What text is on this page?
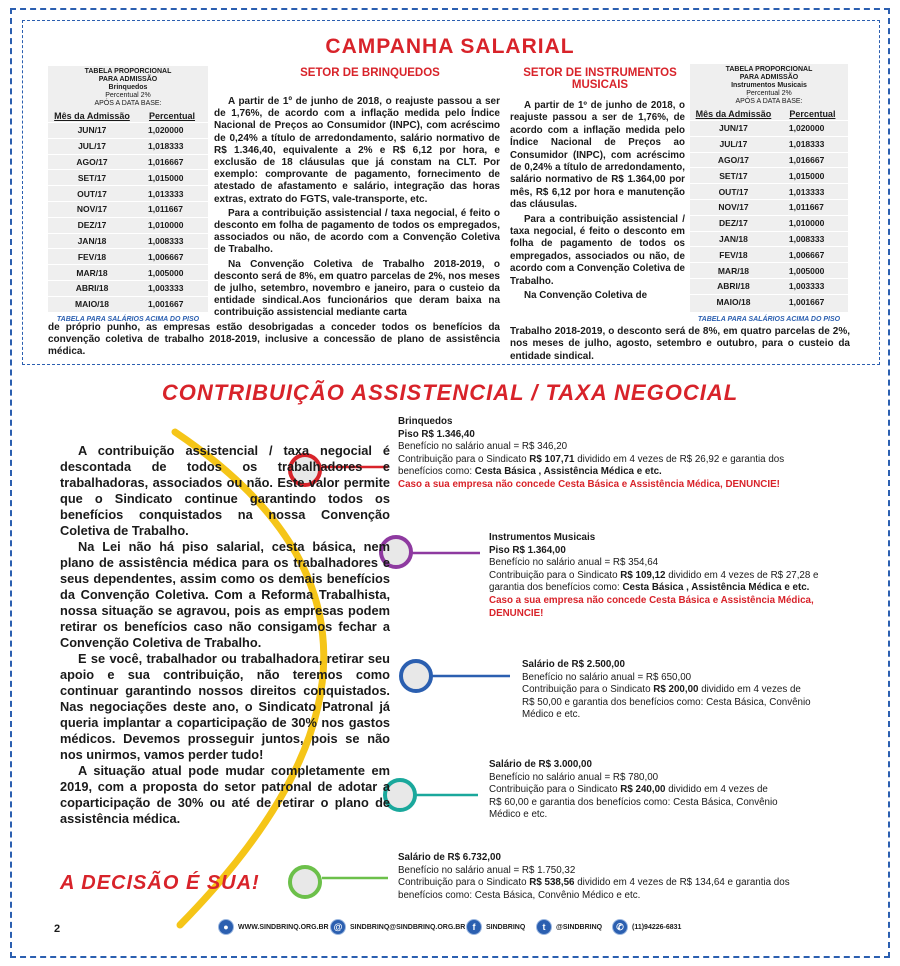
CAMPANHA SALARIAL
TABELA PROPORCIONAL
PARA ADMISSÃO
Brinquedos
Percentual 2%
APÓS A DATA BASE:
Mês da Admissão	Percentual
JUN/17	1,020000
JUL/17	1,018333
AGO/17	1,016667
SET/17	1,015000
OUT/17	1,013333
NOV/17	1,011667
DEZ/17	1,010000
JAN/18	1,008333
FEV/18	1,006667
MAR/18	1,005000
ABRI/18	1,003333
MAIO/18	1,001667
TABELA PARA SALÁRIOS ACIMA DO PISO
TABELA PROPORCIONAL
PARA ADMISSÃO
Instrumentos Musicais
Percentual 2%
APÓS A DATA BASE:
Mês da Admissão	Percentual
JUN/17	1,020000
JUL/17	1,018333
AGO/17	1,016667
SET/17	1,015000
OUT/17	1,013333
NOV/17	1,011667
DEZ/17	1,010000
JAN/18	1,008333
FEV/18	1,006667
MAR/18	1,005000
ABRI/18	1,003333
MAIO/18	1,001667
TABELA PARA SALÁRIOS ACIMA DO PISO
SETOR DE BRINQUEDOS

A partir de 1º de junho de 2018, o reajuste passou a ser de 1,76%, de acordo com a inflação medida pelo Índice Nacional de Preços ao Consumidor (INPC), com acréscimo de 0,24% a título de arredondamento, salário normativo de R$ 1.346,40, equivalente a 2% e R$ 6,12 por hora, e exclusão de 18 cláusulas que já constam na CLT. Por exemplo: comprovante de pagamento, fornecimento de atestado de afastamento e salário, integração das horas extras, extrato do FGTS, vale-transporte, etc.

Para a contribuição assistencial / taxa negocial, é feito o desconto em folha de pagamento de todos os empregados, associados ou não, de acordo com a Convenção Coletiva de Trabalho.

Na Convenção Coletiva de Trabalho 2018-2019, o desconto será de 8%, em quatro parcelas de 2%, nos meses de julho, setembro, novembro e janeiro, para o custeio da entidade sindical.Aos funcionários que deram baixa na contribuição assistencial mediante carta

de próprio punho, as empresas estão desobrigadas a conceder todos os benefícios da convenção coletiva de trabalho 2018-2019, inclusive a concessão de plano de assistência médica.
SETOR DE INSTRUMENTOS MUSICAIS

A partir de 1º de junho de 2018, o reajuste passou a ser de 1,76%, de acordo com a inflação medida pelo Índice Nacional de Preços ao Consumidor (INPC), com acréscimo de 0,24% a título de arredondamento, salário normativo de R$ 1.364,00 por mês, R$ 6,12 por hora e manutenção das cláusulas.

Para a contribuição assistencial / taxa negocial, é feito o desconto em folha de pagamento de todos os empregados, associados ou não, de acordo com a Convenção Coletiva de Trabalho.

Na Convenção Coletiva de

Trabalho 2018-2019, o desconto será de 8%, em quatro parcelas de 2%, nos meses de julho, agosto, setembro e outubro, para o custeio da entidade sindical.
CONTRIBUIÇÃO ASSISTENCIAL / TAXA NEGOCIAL

A contribuição assistencial / taxa negocial é descontada de todos os trabalhadores e trabalhadoras, associados ou não. Este valor permite que o Sindicato continue garantindo todos os benefícios conquistados na nossa Convenção Coletiva de Trabalho.

Na Lei não há piso salarial, cesta básica, nem plano de assistência médica para os trabalhadores e seus dependentes, assim como os demais benefícios da Convenção Coletiva. Com a Reforma Trabalhista, nossa situação se agravou, pois as empresas podem retirar os benefícios caso não consigamos fechar a Convenção Coletiva de Trabalho.

E se você, trabalhador ou trabalhadora, retirar seu apoio e sua contribuição, não teremos como continuar garantindo nossos direitos conquistados. Nas negociações deste ano, o Sindicato Patronal já queria implantar a coparticipação de 30% nos gastos médicos. Devemos prosseguir juntos, pois se não nos unirmos, vamos perder tudo!

A situação atual pode mudar completamente em 2019, com a proposta do setor patronal de adotar a coparticipação de 30% ou até de retirar o plano de assistência médica.

A DECISÃO É SUA!
Brinquedos
Piso R$ 1.346,40
Benefício no salário anual = R$ 346,20
Contribuição para o Sindicato R$ 107,71 dividido em 4 vezes de R$ 26,92 e garantia dos
benefícios como: Cesta Básica , Assistência Médica e etc.
Caso a sua empresa não concede Cesta Básica e Assistência Médica, DENUNCIE!
Instrumentos Musicais
Piso R$ 1.364,00
Benefício no salário anual = R$ 354,64
Contribuição para o Sindicato R$ 109,12 dividido em 4 vezes de R$ 27,28 e
garantia dos benefícios como: Cesta Básica , Assistência Médica e etc.
Caso a sua empresa não concede Cesta Básica e Assistência Médica,
DENUNCIE!
Salário de R$ 2.500,00
Benefício no salário anual = R$ 650,00
Contribuição para o Sindicato R$ 200,00 dividido em 4 vezes de
R$ 50,00 e garantia dos benefícios como: Cesta Básica, Convênio
Médico e etc.
Salário de R$ 3.000,00
Benefício no salário anual = R$ 780,00
Contribuição para o Sindicato R$ 240,00 dividido em 4 vezes de
R$ 60,00 e garantia dos benefícios como: Cesta Básica, Convênio
Médico e etc.
Salário de R$ 6.732,00
Benefício no salário anual = R$ 1.750,32
Contribuição para o Sindicato R$ 538,56 dividido em 4 vezes de R$ 134,64 e garantia dos
benefícios como: Cesta Básica, Convênio Médico e etc.
2	●	WWW.SINDBRINQ.ORG.BR @	SINDBRINQ@SINDBRINQ.ORG.BR f	SINDBRINQ	t	@SINDBRINQ	✆	(11)94226-6831
